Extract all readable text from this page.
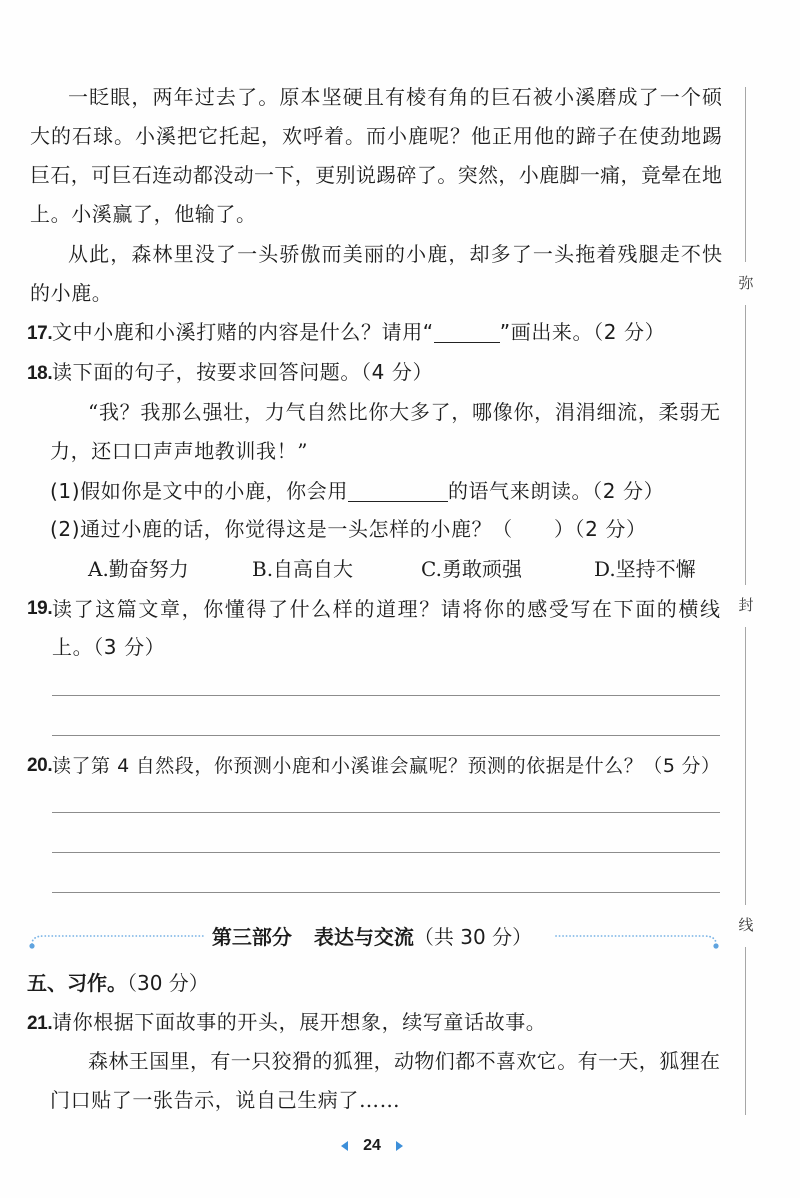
一眨眼，两年过去了。原本坚硬且有棱有角的巨石被小溪磨成了一个硕
大的石球。小溪把它托起，欢呼着。而小鹿呢？他正用他的蹄子在使劲地踢
巨石，可巨石连动都没动一下，更别说踢碎了。突然，小鹿脚一痛，竟晕在地
上。小溪赢了，他输了。
从此，森林里没了一头骄傲而美丽的小鹿，却多了一头拖着残腿走不快
的小鹿。
17.文中小鹿和小溪打赌的内容是什么？请用“	”画出来。（2 分）
18.读下面的句子，按要求回答问题。（4 分）
“我？我那么强壮，力气自然比你大多了，哪像你，涓涓细流，柔弱无
力，还口口声声地教训我！”
(1)假如你是文中的小鹿，你会用	的语气来朗读。（2 分）
(2)通过小鹿的话，你觉得这是一头怎样的小鹿？（　　）（2 分）
A.勤奋努力	B.自高自大	C.勇敢顽强	D.坚持不懈
19. 读了这篇文章，你懂得了什么样的道理？请将你的感受写在下面的横线
上。（3 分）
20. 读了第 4 自然段，你预测小鹿和小溪谁会赢呢？预测的依据是什么？（5 分）
第三部分 表达与交流（共 30 分）
五、习作。（30 分）
21.请你根据下面故事的开头，展开想象，续写童话故事。
森林王国里，有一只狡猾的狐狸，动物们都不喜欢它。有一天，狐狸在
门口贴了一张告示，说自己生病了……
弥
封
线
24
